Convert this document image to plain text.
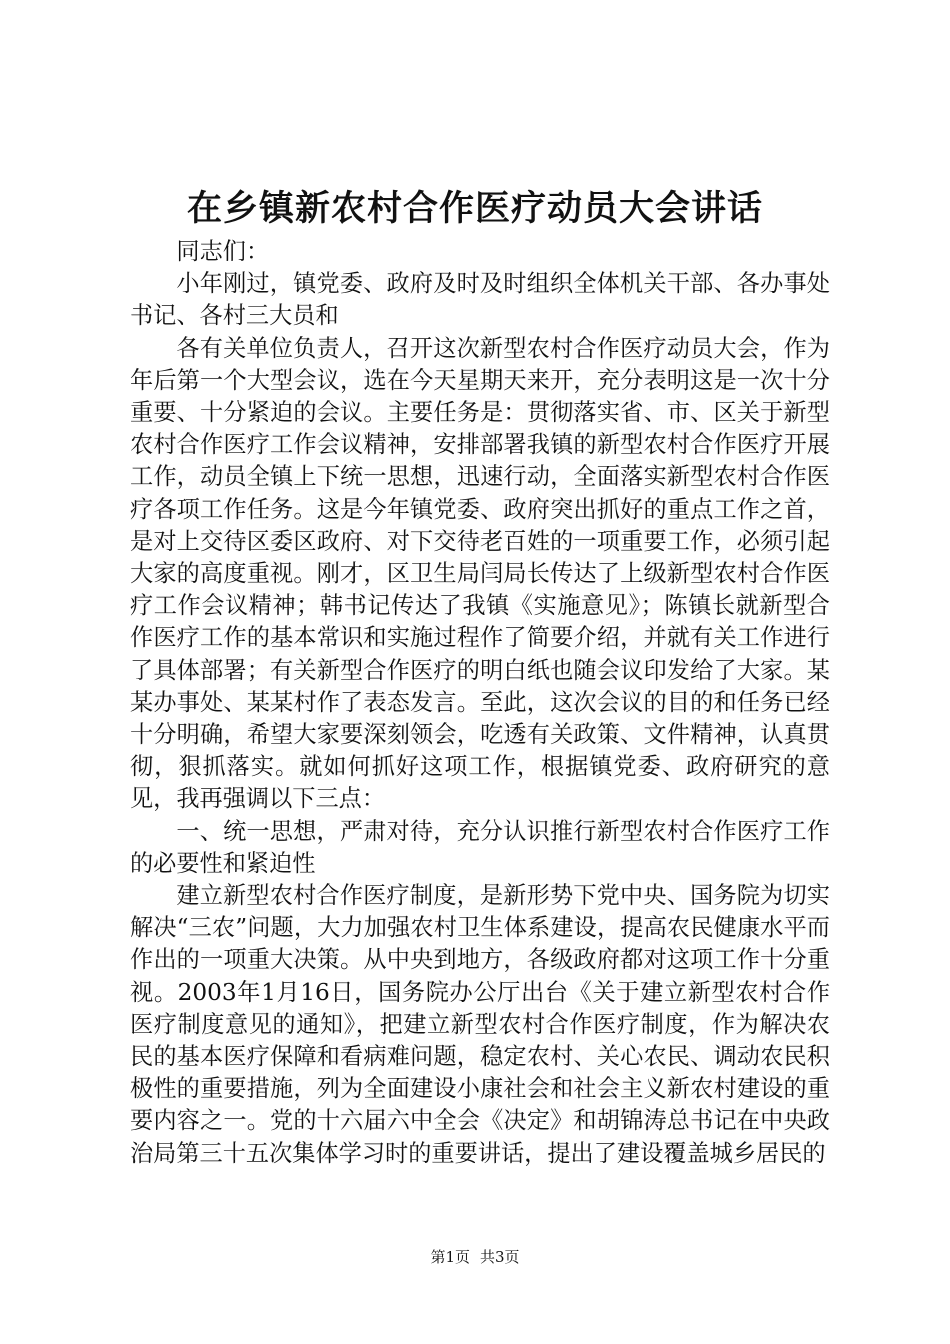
在乡镇新农村合作医疗动员大会讲话

同志们：

小年刚过，镇党委、政府及时及时组织全体机关干部、各办事处书记、各村三大员和

各有关单位负责人，召开这次新型农村合作医疗动员大会，作为年后第一个大型会议，选在今天星期天来开，充分表明这是一次十分重要、十分紧迫的会议。主要任务是：贯彻落实省、市、区关于新型农村合作医疗工作会议精神，安排部署我镇的新型农村合作医疗开展工作，动员全镇上下统一思想，迅速行动，全面落实新型农村合作医疗各项工作任务。这是今年镇党委、政府突出抓好的重点工作之首，是对上交待区委区政府、对下交待老百姓的一项重要工作，必须引起大家的高度重视。刚才，区卫生局闫局长传达了上级新型农村合作医疗工作会议精神；韩书记传达了我镇《实施意见》；陈镇长就新型合作医疗工作的基本常识和实施过程作了简要介绍，并就有关工作进行了具体部署；有关新型合作医疗的明白纸也随会议印发给了大家。某某办事处、某某村作了表态发言。至此，这次会议的目的和任务已经十分明确，希望大家要深刻领会，吃透有关政策、文件精神，认真贯彻，狠抓落实。就如何抓好这项工作，根据镇党委、政府研究的意见，我再强调以下三点：

一、统一思想，严肃对待，充分认识推行新型农村合作医疗工作的必要性和紧迫性

建立新型农村合作医疗制度，是新形势下党中央、国务院为切实解决“三农”问题，大力加强农村卫生体系建设，提高农民健康水平而作出的一项重大决策。从中央到地方，各级政府都对这项工作十分重视。2003年1月16日，国务院办公厅出台《关于建立新型农村合作医疗制度意见的通知》，把建立新型农村合作医疗制度，作为解决农民的基本医疗保障和看病难问题，稳定农村、关心农民、调动农民积极性的重要措施，列为全面建设小康社会和社会主义新农村建设的重要内容之一。党的十六届六中全会《决定》和胡锦涛总书记在中央政治局第三十五次集体学习时的重要讲话，提出了建设覆盖城乡居民的

第1页 共3页
